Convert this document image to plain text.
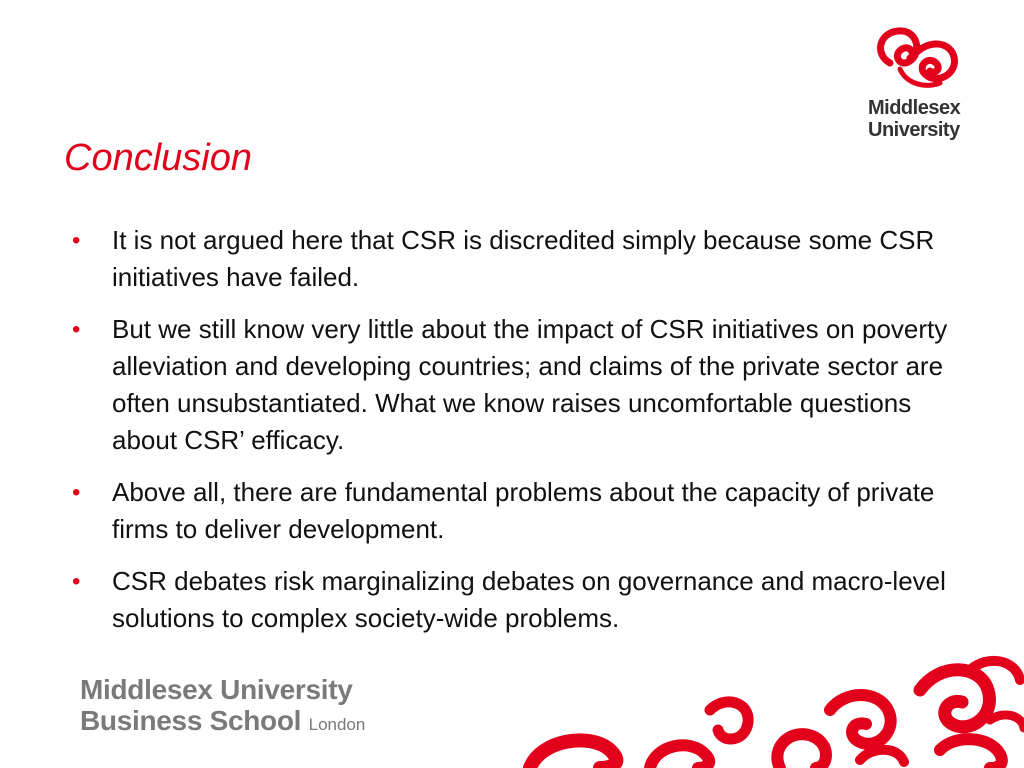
Middlesex
University
Conclusion
• It is not argued here that CSR is discredited simply because some CSR initiatives have failed.
• But we still know very little about the impact of CSR initiatives on poverty alleviation and developing countries; and claims of the private sector are often unsubstantiated. What we know raises uncomfortable questions about CSR’ efficacy.
• Above all, there are fundamental problems about the capacity of private firms to deliver development.
• CSR debates risk marginalizing debates on governance and macro-level solutions to complex society-wide problems.
Middlesex University
Business School London
